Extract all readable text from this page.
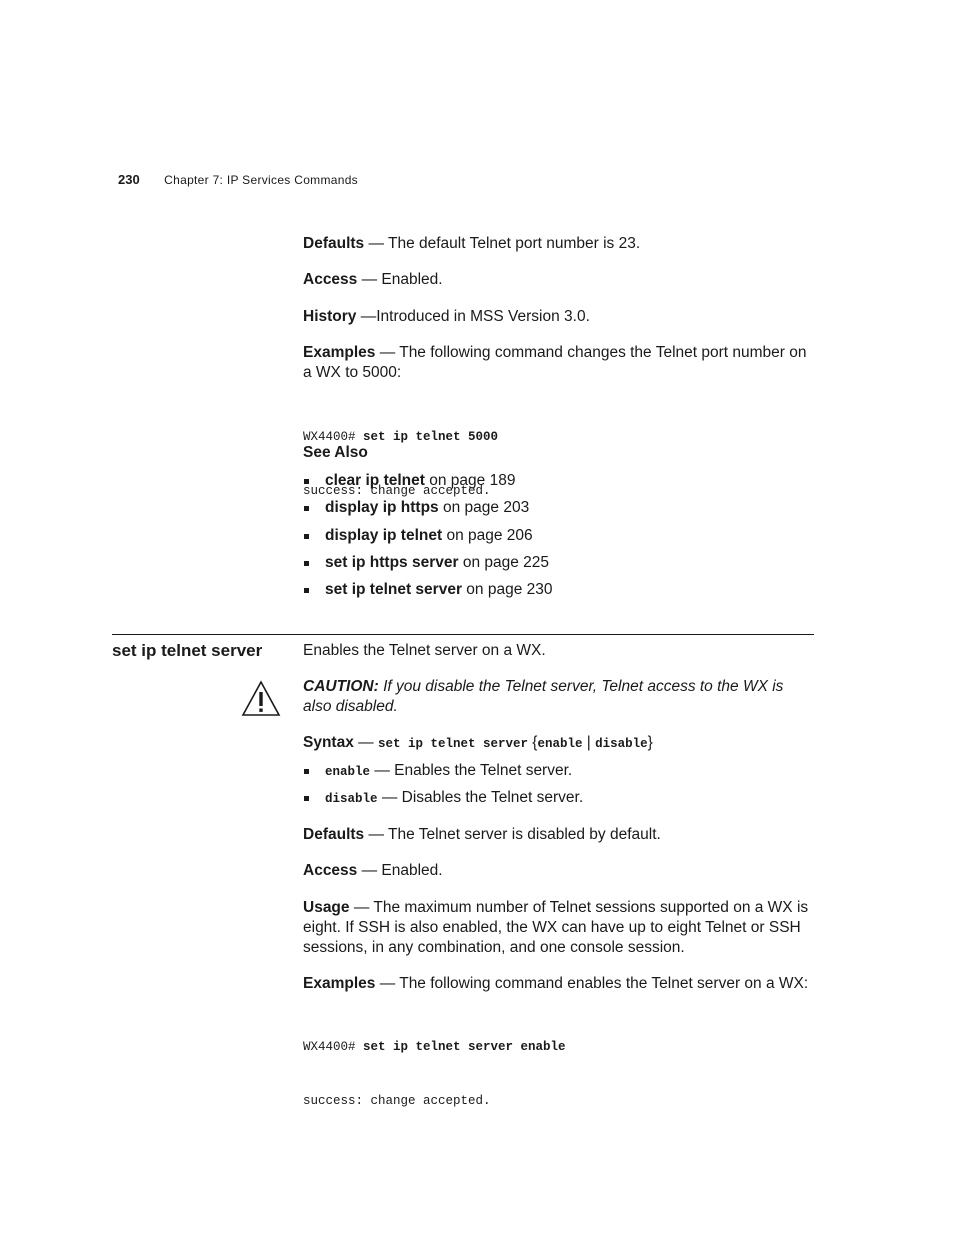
230 Chapter 7: IP Services Commands

Defaults — The default Telnet port number is 23.

Access — Enabled.

History —Introduced in MSS Version 3.0.

Examples — The following command changes the Telnet port number on a WX to 5000:

WX4400# set ip telnet 5000

success: change accepted.

See Also

clear ip telnet on page 189
display ip https on page 203
display ip telnet on page 206
set ip https server on page 225
set ip telnet server on page 230
set ip telnet server	Enables the Telnet server on a WX.

CAUTION: If you disable the Telnet server, Telnet access to the WX is also disabled.

Syntax — set ip telnet server {enable | disable}

enable — Enables the Telnet server.
disable — Disables the Telnet server.

Defaults — The Telnet server is disabled by default.

Access — Enabled.

Usage — The maximum number of Telnet sessions supported on a WX is eight. If SSH is also enabled, the WX can have up to eight Telnet or SSH sessions, in any combination, and one console session.

Examples — The following command enables the Telnet server on a WX:

WX4400# set ip telnet server enable

success: change accepted.
